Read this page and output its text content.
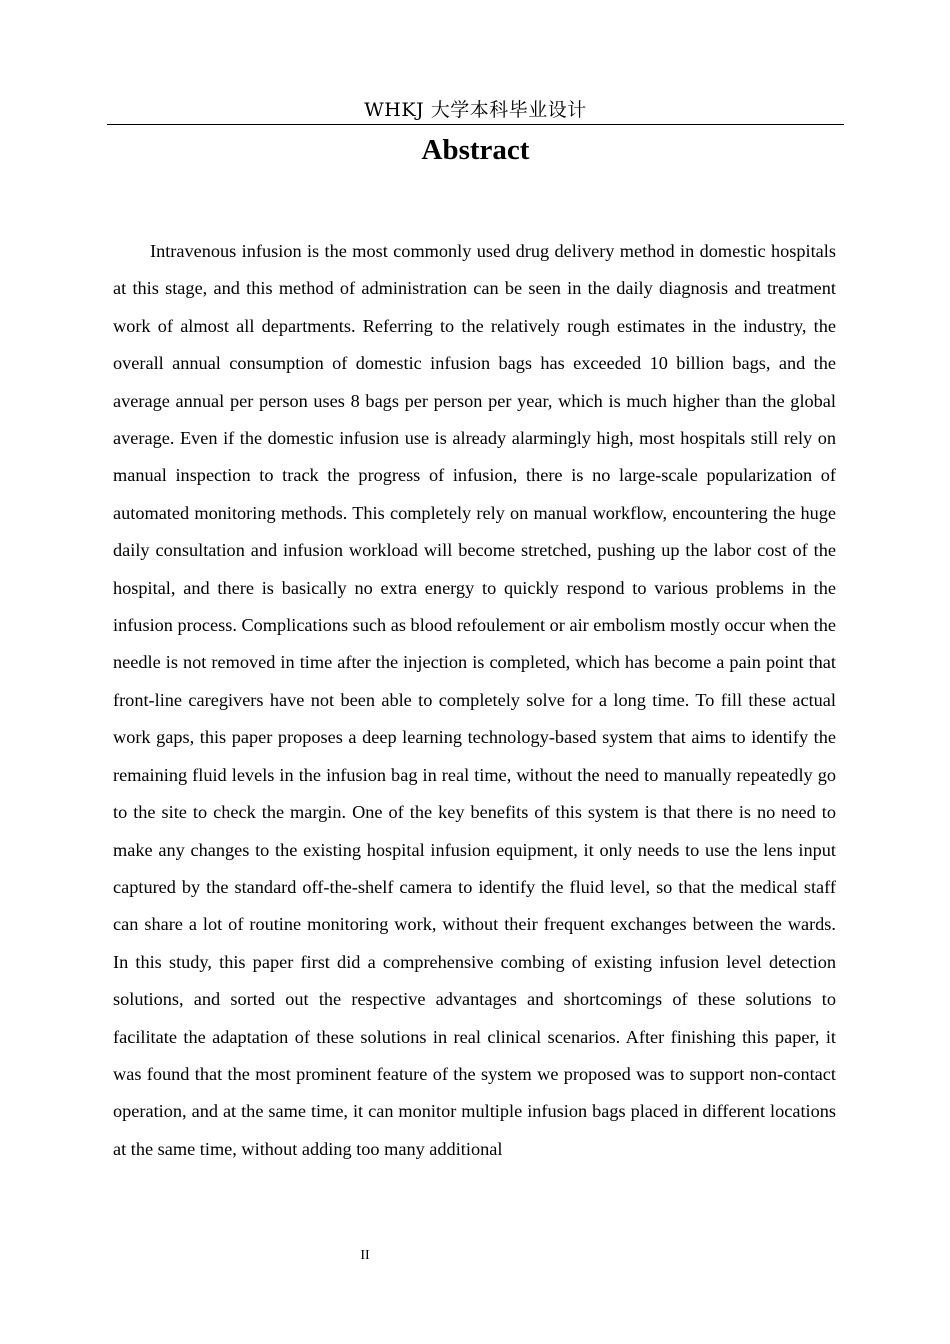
WHKJ 大学本科毕业设计
Abstract

Intravenous infusion is the most commonly used drug delivery method in domestic hospitals at this stage, and this method of administration can be seen in the daily diagnosis and treatment work of almost all departments. Referring to the relatively rough estimates in the industry, the overall annual consumption of domestic infusion bags has exceeded 10 billion bags, and the average annual per person uses 8 bags per person per year, which is much higher than the global average. Even if the domestic infusion use is already alarmingly high, most hospitals still rely on manual inspection to track the progress of infusion, there is no large-scale popularization of automated monitoring methods. This completely rely on manual workflow, encountering the huge daily consultation and infusion workload will become stretched, pushing up the labor cost of the hospital, and there is basically no extra energy to quickly respond to various problems in the infusion process. Complications such as blood refoulement or air embolism mostly occur when the needle is not removed in time after the injection is completed, which has become a pain point that front-line caregivers have not been able to completely solve for a long time. To fill these actual work gaps, this paper proposes a deep learning technology-based system that aims to identify the remaining fluid levels in the infusion bag in real time, without the need to manually repeatedly go to the site to check the margin. One of the key benefits of this system is that there is no need to make any changes to the existing hospital infusion equipment, it only needs to use the lens input captured by the standard off-the-shelf camera to identify the fluid level, so that the medical staff can share a lot of routine monitoring work, without their frequent exchanges between the wards. In this study, this paper first did a comprehensive combing of existing infusion level detection solutions, and sorted out the respective advantages and shortcomings of these solutions to facilitate the adaptation of these solutions in real clinical scenarios. After finishing this paper, it was found that the most prominent feature of the system we proposed was to support non-contact operation, and at the same time, it can monitor multiple infusion bags placed in different locations at the same time, without adding too many additional

II
